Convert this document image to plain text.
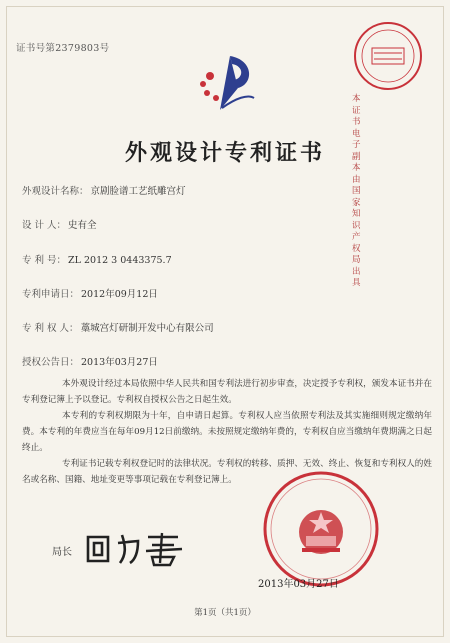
证书号第2379803号
本证书电子副本由国家知识产权局出具
外观设计专利证书
外观设计名称： 京剧脸谱工艺纸雕宫灯
设 计 人： 史有全
专 利 号： ZL 2012 3 0443375.7
专利申请日： 2012年09月12日
专 利 权 人： 藁城宫灯研制开发中心有限公司
授权公告日： 2013年03月27日
本外观设计经过本局依照中华人民共和国专利法进行初步审查，决定授予专利权，颁发本证书并在专利登记簿上予以登记。专利权自授权公告之日起生效。
本专利的专利权期限为十年，自申请日起算。专利权人应当依照专利法及其实施细则规定缴纳年费。本专利的年费应当在每年09月12日前缴纳。未按照规定缴纳年费的，专利权自应当缴纳年费期满之日起终止。
专利证书记载专利权登记时的法律状况。专利权的转移、质押、无效、终止、恢复和专利权人的姓名或名称、国籍、地址变更等事项记载在专利登记簿上。
局长
2013年03月27日
第1页（共1页）
